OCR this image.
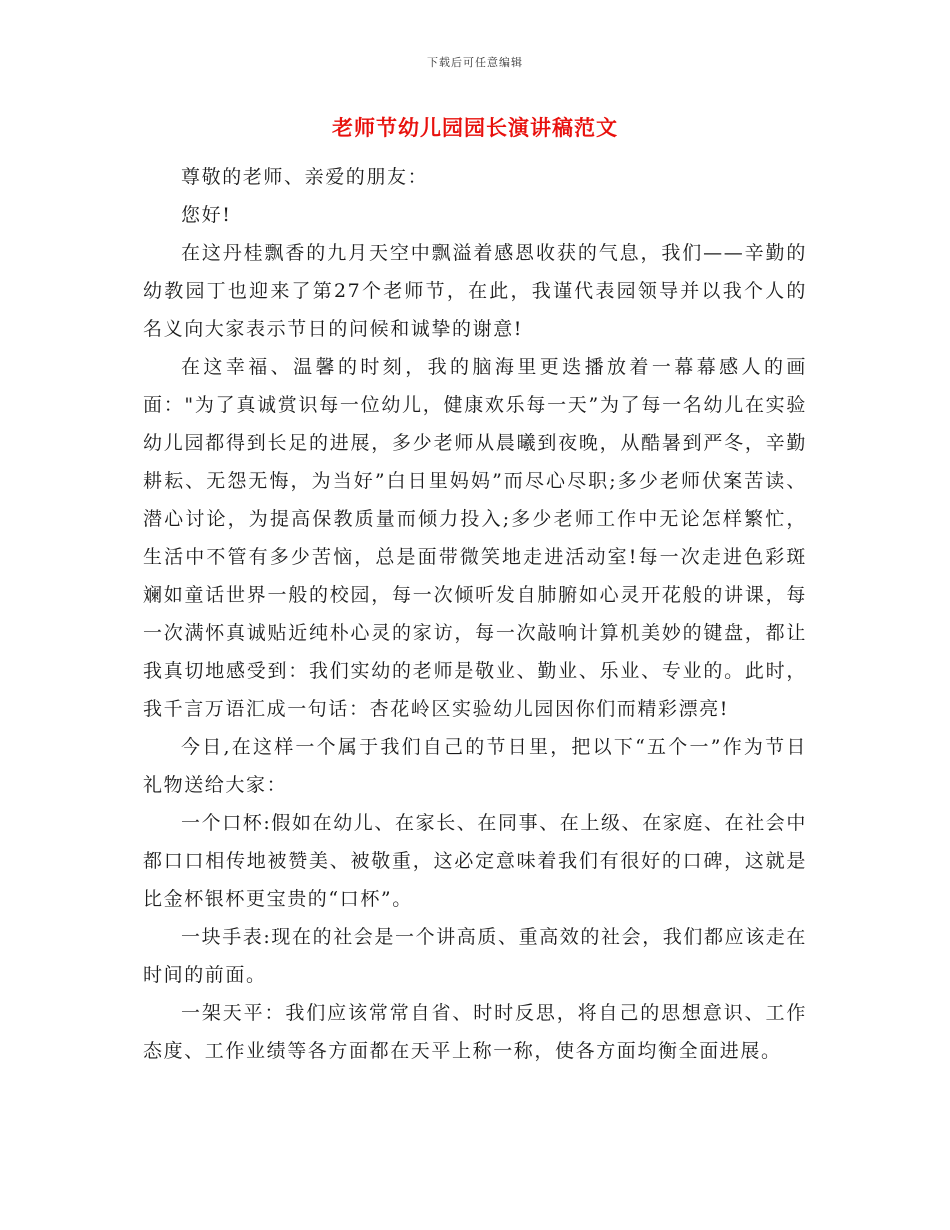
下载后可任意编辑
老师节幼儿园园长演讲稿范文

尊敬的老师、亲爱的朋友：

您好!

在这丹桂飘香的九月天空中飘溢着感恩收获的气息，我们——辛勤的幼教园丁也迎来了第27个老师节，在此，我谨代表园领导并以我个人的名义向大家表示节日的问候和诚挚的谢意!

在这幸福、温馨的时刻，我的脑海里更迭播放着一幕幕感人的画面："为了真诚赏识每一位幼儿，健康欢乐每一天”为了每一名幼儿在实验幼儿园都得到长足的进展，多少老师从晨曦到夜晚，从酷暑到严冬，辛勤耕耘、无怨无悔，为当好”白日里妈妈”而尽心尽职;多少老师伏案苦读、潜心讨论，为提高保教质量而倾力投入;多少老师工作中无论怎样繁忙，生活中不管有多少苦恼，总是面带微笑地走进活动室!每一次走进色彩斑斓如童话世界一般的校园，每一次倾听发自肺腑如心灵开花般的讲课，每一次满怀真诚贴近纯朴心灵的家访，每一次敲响计算机美妙的键盘，都让我真切地感受到：我们实幼的老师是敬业、勤业、乐业、专业的。此时，我千言万语汇成一句话：杏花岭区实验幼儿园因你们而精彩漂亮!

今日,在这样一个属于我们自己的节日里，把以下“五个一”作为节日礼物送给大家：

一个口杯:假如在幼儿、在家长、在同事、在上级、在家庭、在社会中都口口相传地被赞美、被敬重，这必定意味着我们有很好的口碑，这就是比金杯银杯更宝贵的“口杯”。

一块手表:现在的社会是一个讲高质、重高效的社会，我们都应该走在时间的前面。

一架天平：我们应该常常自省、时时反思，将自己的思想意识、工作态度、工作业绩等各方面都在天平上称一称，使各方面均衡全面进展。
